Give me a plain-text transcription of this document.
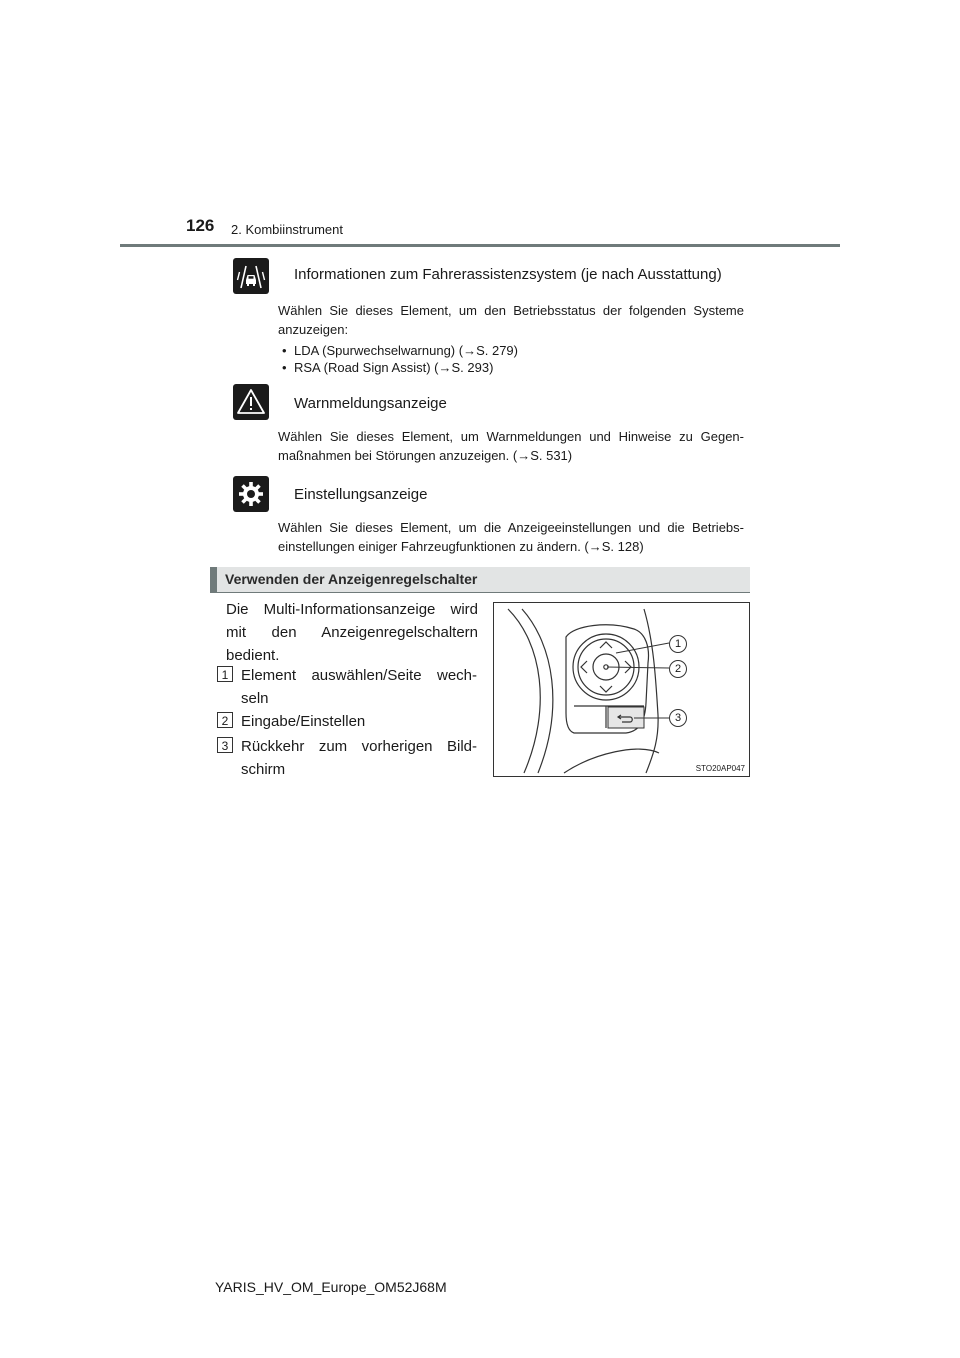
126 2. Kombiinstrument
Informationen zum Fahrerassistenzsystem (je nach Ausstattung)
Wählen Sie dieses Element, um den Betriebsstatus der folgenden Systeme anzuzeigen:
• LDA (Spurwechselwarnung) (→S. 279)
• RSA (Road Sign Assist) (→S. 293)
Warnmeldungsanzeige
Wählen Sie dieses Element, um Warnmeldungen und Hinweise zu Gegen-maßnahmen bei Störungen anzuzeigen. (→S. 531)
Einstellungsanzeige
Wählen Sie dieses Element, um die Anzeigeeinstellungen und die Betriebs-einstellungen einiger Fahrzeugfunktionen zu ändern. (→S. 128)
Verwenden der Anzeigenregelschalter
Die Multi-Informationsanzeige wird mit den Anzeigenregelschaltern bedient.
1 Element auswählen/Seite wech-seln
2 Eingabe/Einstellen
3 Rückkehr zum vorherigen Bild-schirm
1
2
3
STO20AP047
YARIS_HV_OM_Europe_OM52J68M
